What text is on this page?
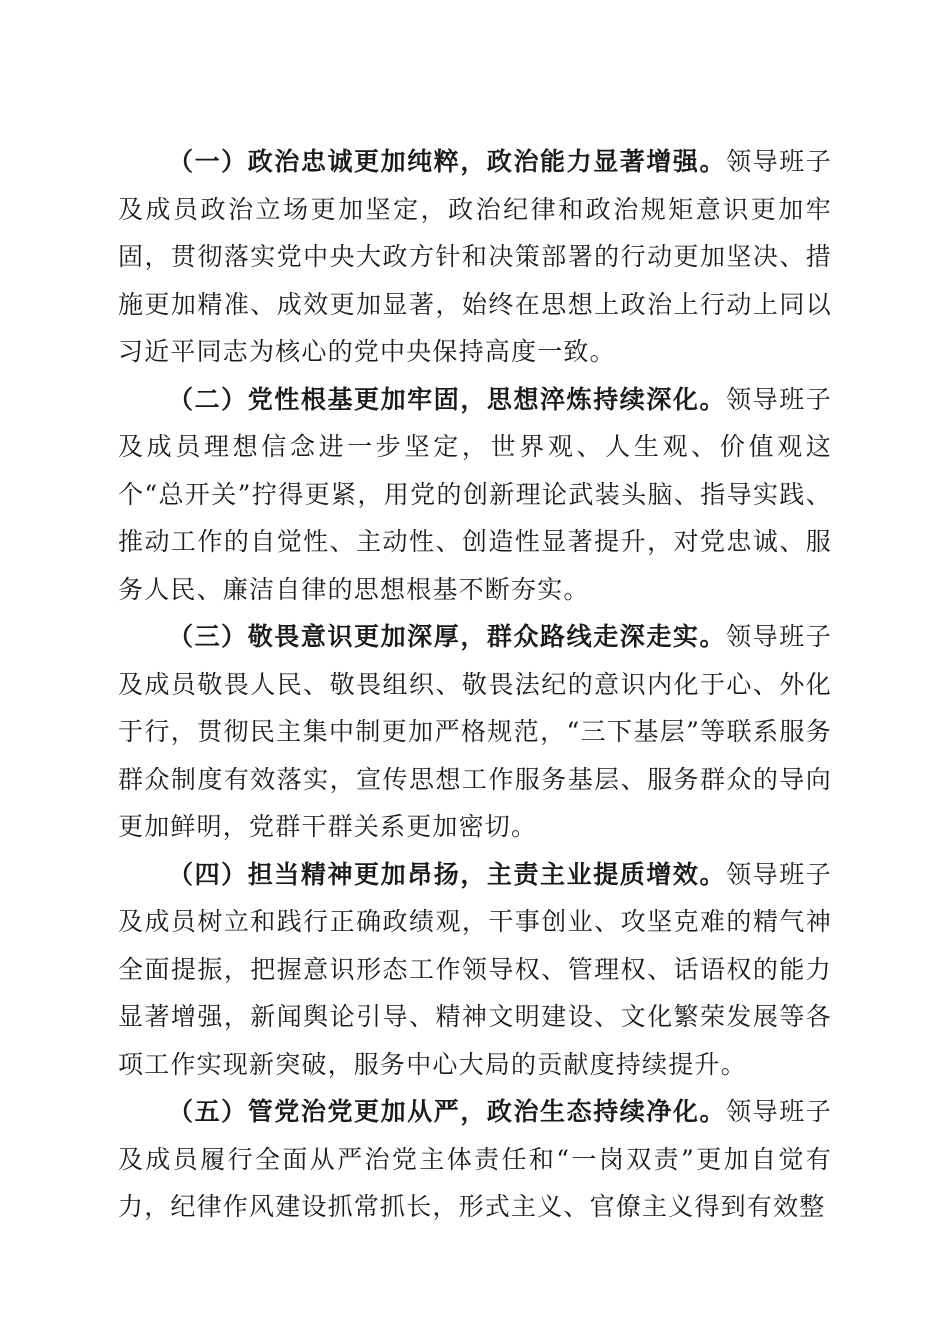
（一）政治忠诚更加纯粹，政治能力显著增强。领导班子及成员政治立场更加坚定，政治纪律和政治规矩意识更加牢固，贯彻落实党中央大政方针和决策部署的行动更加坚决、措施更加精准、成效更加显著，始终在思想上政治上行动上同以习近平同志为核心的党中央保持高度一致。

（二）党性根基更加牢固，思想淬炼持续深化。领导班子及成员理想信念进一步坚定，世界观、人生观、价值观这个“总开关”拧得更紧，用党的创新理论武装头脑、指导实践、推动工作的自觉性、主动性、创造性显著提升，对党忠诚、服务人民、廉洁自律的思想根基不断夯实。

（三）敬畏意识更加深厚，群众路线走深走实。领导班子及成员敬畏人民、敬畏组织、敬畏法纪的意识内化于心、外化于行，贯彻民主集中制更加严格规范，“三下基层”等联系服务群众制度有效落实，宣传思想工作服务基层、服务群众的导向更加鲜明，党群干群关系更加密切。

（四）担当精神更加昂扬，主责主业提质增效。领导班子及成员树立和践行正确政绩观，干事创业、攻坚克难的精气神全面提振，把握意识形态工作领导权、管理权、话语权的能力显著增强，新闻舆论引导、精神文明建设、文化繁荣发展等各项工作实现新突破，服务中心大局的贡献度持续提升。

（五）管党治党更加从严，政治生态持续净化。领导班子及成员履行全面从严治党主体责任和“一岗双责”更加自觉有力，纪律作风建设抓常抓长，形式主义、官僚主义得到有效整
